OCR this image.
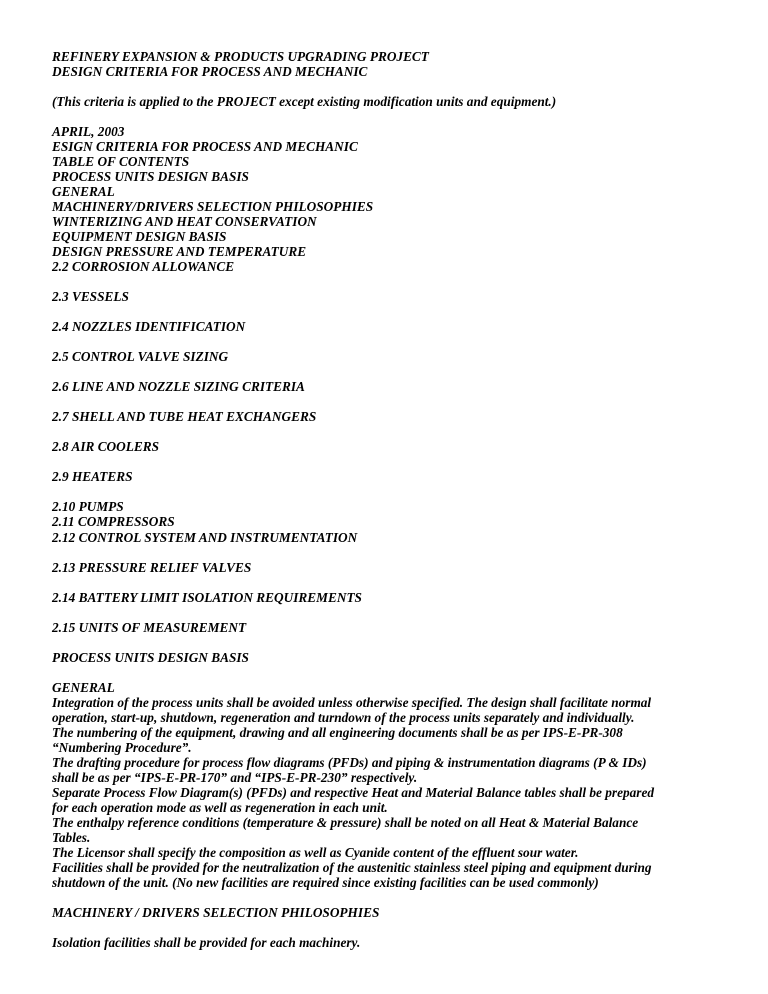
REFINERY EXPANSION & PRODUCTS UPGRADING PROJECT
DESIGN CRITERIA FOR PROCESS AND MECHANIC
(This criteria is applied to the PROJECT except existing modification units and equipment.)
APRIL, 2003
ESIGN CRITERIA FOR PROCESS AND MECHANIC
TABLE OF CONTENTS
PROCESS UNITS DESIGN BASIS
GENERAL
MACHINERY/DRIVERS SELECTION PHILOSOPHIES
WINTERIZING AND HEAT CONSERVATION
EQUIPMENT DESIGN BASIS
DESIGN PRESSURE AND TEMPERATURE
2.2 CORROSION ALLOWANCE
2.3 VESSELS
2.4 NOZZLES IDENTIFICATION
2.5 CONTROL VALVE SIZING
2.6 LINE AND NOZZLE SIZING CRITERIA
2.7 SHELL AND TUBE HEAT EXCHANGERS
2.8 AIR COOLERS
2.9 HEATERS
2.10 PUMPS
2.11 COMPRESSORS
2.12 CONTROL SYSTEM AND INSTRUMENTATION
2.13 PRESSURE RELIEF VALVES
2.14 BATTERY LIMIT ISOLATION REQUIREMENTS
2.15 UNITS OF MEASUREMENT
PROCESS UNITS DESIGN BASIS
GENERAL
Integration of the process units shall be avoided unless otherwise specified. The design shall facilitate normal
operation, start-up, shutdown, regeneration and turndown of the process units separately and individually.
The numbering of the equipment, drawing and all engineering documents shall be as per IPS-E-PR-308
“Numbering Procedure”.
The drafting procedure for process flow diagrams (PFDs) and piping & instrumentation diagrams (P & IDs)
shall be as per “IPS-E-PR-170” and “IPS-E-PR-230” respectively.
Separate Process Flow Diagram(s) (PFDs) and respective Heat and Material Balance tables shall be prepared
for each operation mode as well as regeneration in each unit.
The enthalpy reference conditions (temperature & pressure) shall be noted on all Heat & Material Balance
Tables.
The Licensor shall specify the composition as well as Cyanide content of the effluent sour water.
Facilities shall be provided for the neutralization of the austenitic stainless steel piping and equipment during
shutdown of the unit. (No new facilities are required since existing facilities can be used commonly)
MACHINERY / DRIVERS SELECTION PHILOSOPHIES
Isolation facilities shall be provided for each machinery.
